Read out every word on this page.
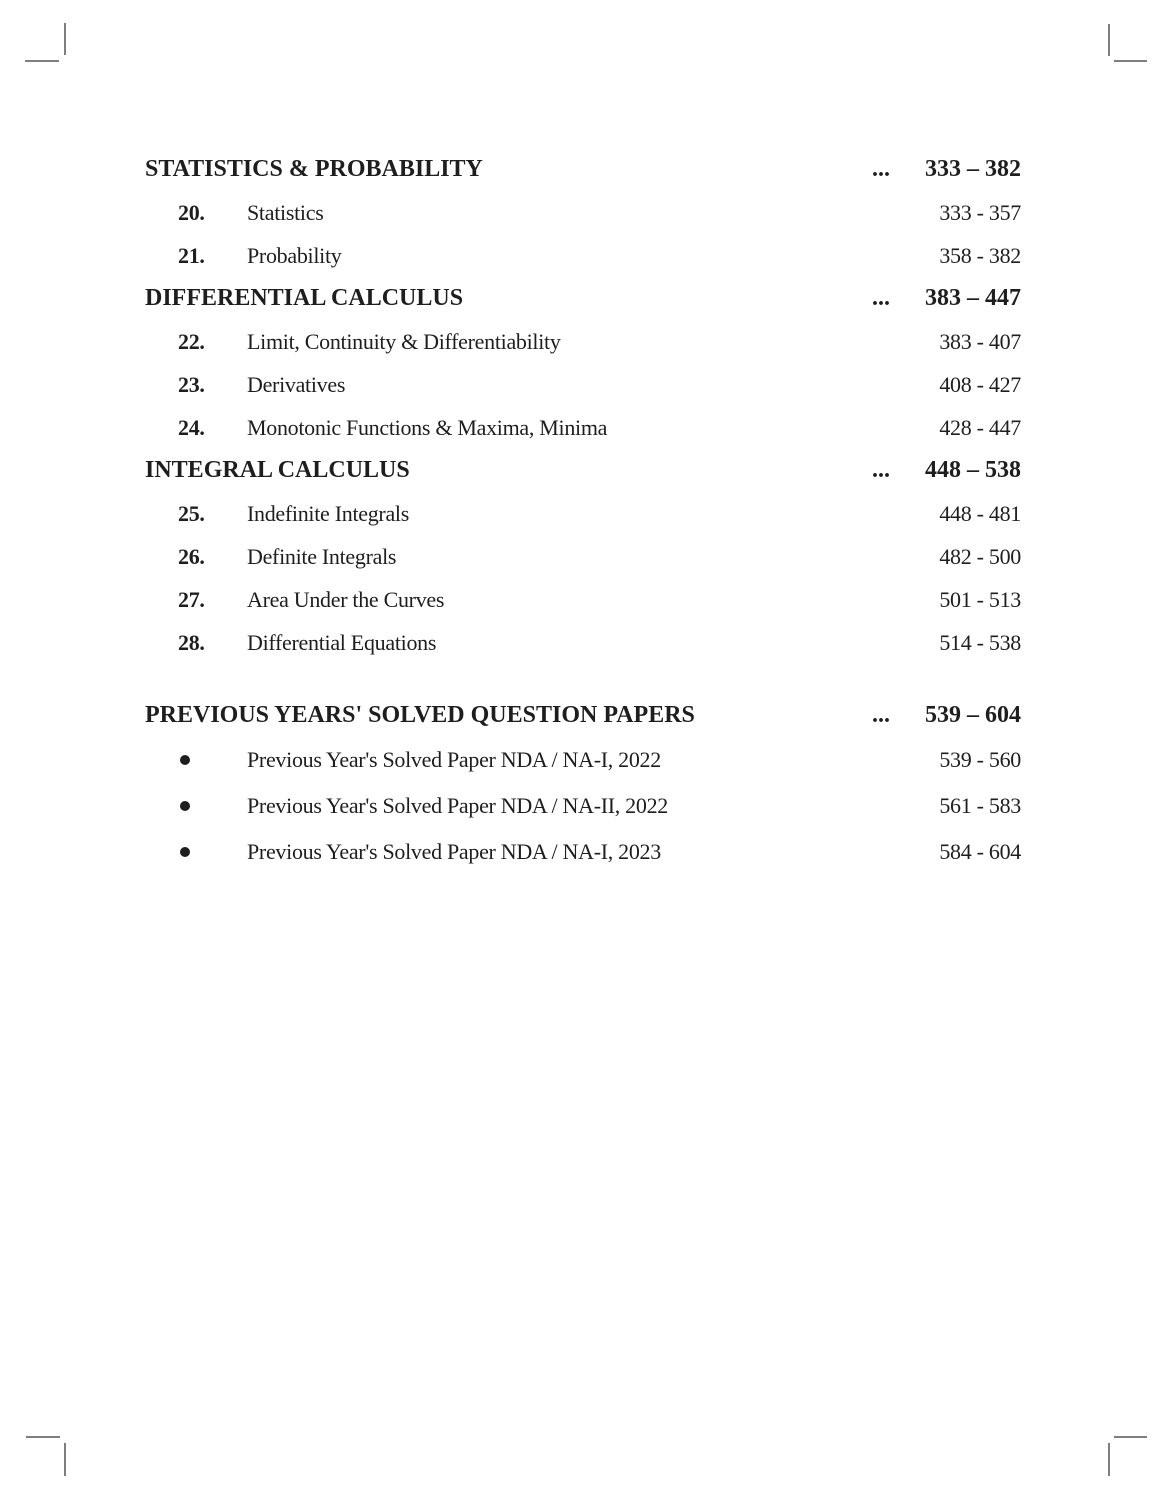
STATISTICS & PROBABILITY	...	333 – 382
20.	Statistics	333 - 357
21.	Probability	358 - 382
DIFFERENTIAL CALCULUS	...	383 – 447
22.	Limit, Continuity & Differentiability	383 - 407
23.	Derivatives	408 - 427
24.	Monotonic Functions & Maxima, Minima	428 - 447
INTEGRAL CALCULUS	...	448 – 538
25.	Indefinite Integrals	448 - 481
26.	Definite Integrals	482 - 500
27.	Area Under the Curves	501 - 513
28.	Differential Equations	514 - 538
PREVIOUS YEARS' SOLVED QUESTION PAPERS	...	539 – 604
Previous Year's Solved Paper NDA / NA-I, 2022	539 - 560
Previous Year's Solved Paper NDA / NA-II, 2022	561 - 583
Previous Year's Solved Paper NDA / NA-I, 2023	584 - 604
